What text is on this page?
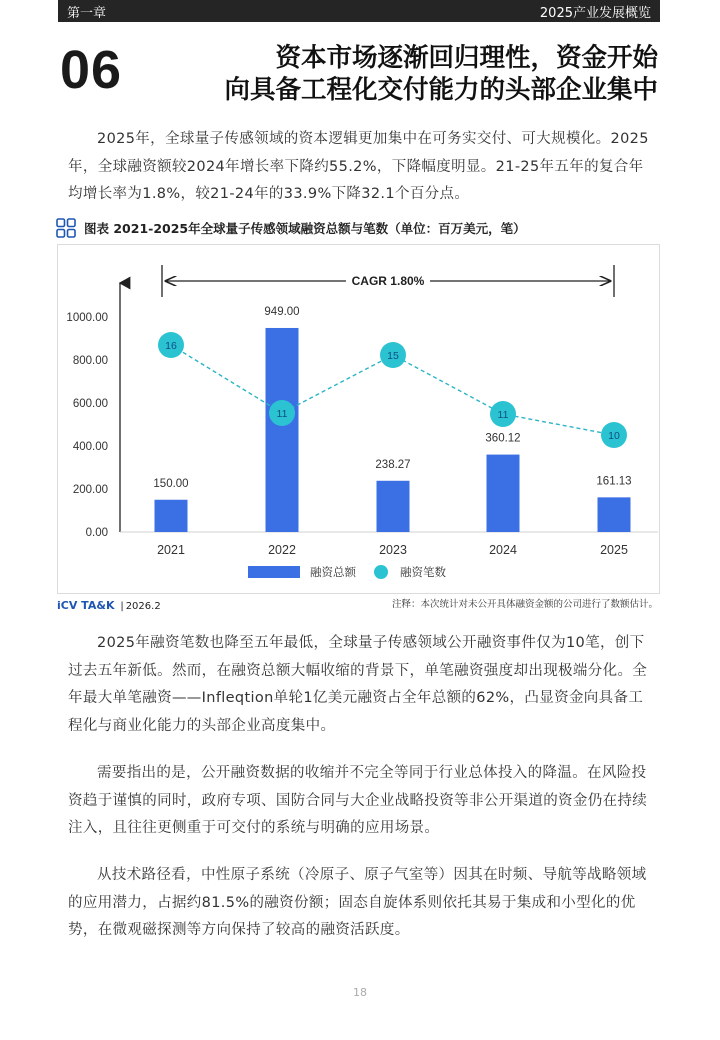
第一章	2025产业发展概览
06	资本市场逐渐回归理性，资金开始
向具备工程化交付能力的头部企业集中

2025年，全球量子传感领域的资本逻辑更加集中在可务实交付、可大规模化。2025年，全球融资额较2024年增长率下降约55.2%，下降幅度明显。21-25年五年的复合年均增长率为1.8%，较21-24年的33.9%下降32.1个百分点。

图表 2021-2025年全球量子传感领域融资总额与笔数（单位：百万美元，笔）
0.00
200.00
400.00
600.00
800.00
1000.00
150.00
2021
949.00
2022
238.27
2023
360.12
2024
161.13
2025
16
11
15
11
10
CAGR 1.80%
融资总额	融资笔数
iCV TA&K | 2026.2	注释：本次统计对未公开具体融资金额的公司进行了数额估计。

2025年融资笔数也降至五年最低，全球量子传感领域公开融资事件仅为10笔，创下过去五年新低。然而，在融资总额大幅收缩的背景下，单笔融资强度却出现极端分化。全年最大单笔融资——Infleqtion单轮1亿美元融资占全年总额的62%，凸显资金向具备工程化与商业化能力的头部企业高度集中。

需要指出的是，公开融资数据的收缩并不完全等同于行业总体投入的降温。在风险投资趋于谨慎的同时，政府专项、国防合同与大企业战略投资等非公开渠道的资金仍在持续注入，且往往更侧重于可交付的系统与明确的应用场景。

从技术路径看，中性原子系统（冷原子、原子气室等）因其在时频、导航等战略领域的应用潜力，占据约81.5%的融资份额；固态自旋体系则依托其易于集成和小型化的优势，在微观磁探测等方向保持了较高的融资活跃度。

18
